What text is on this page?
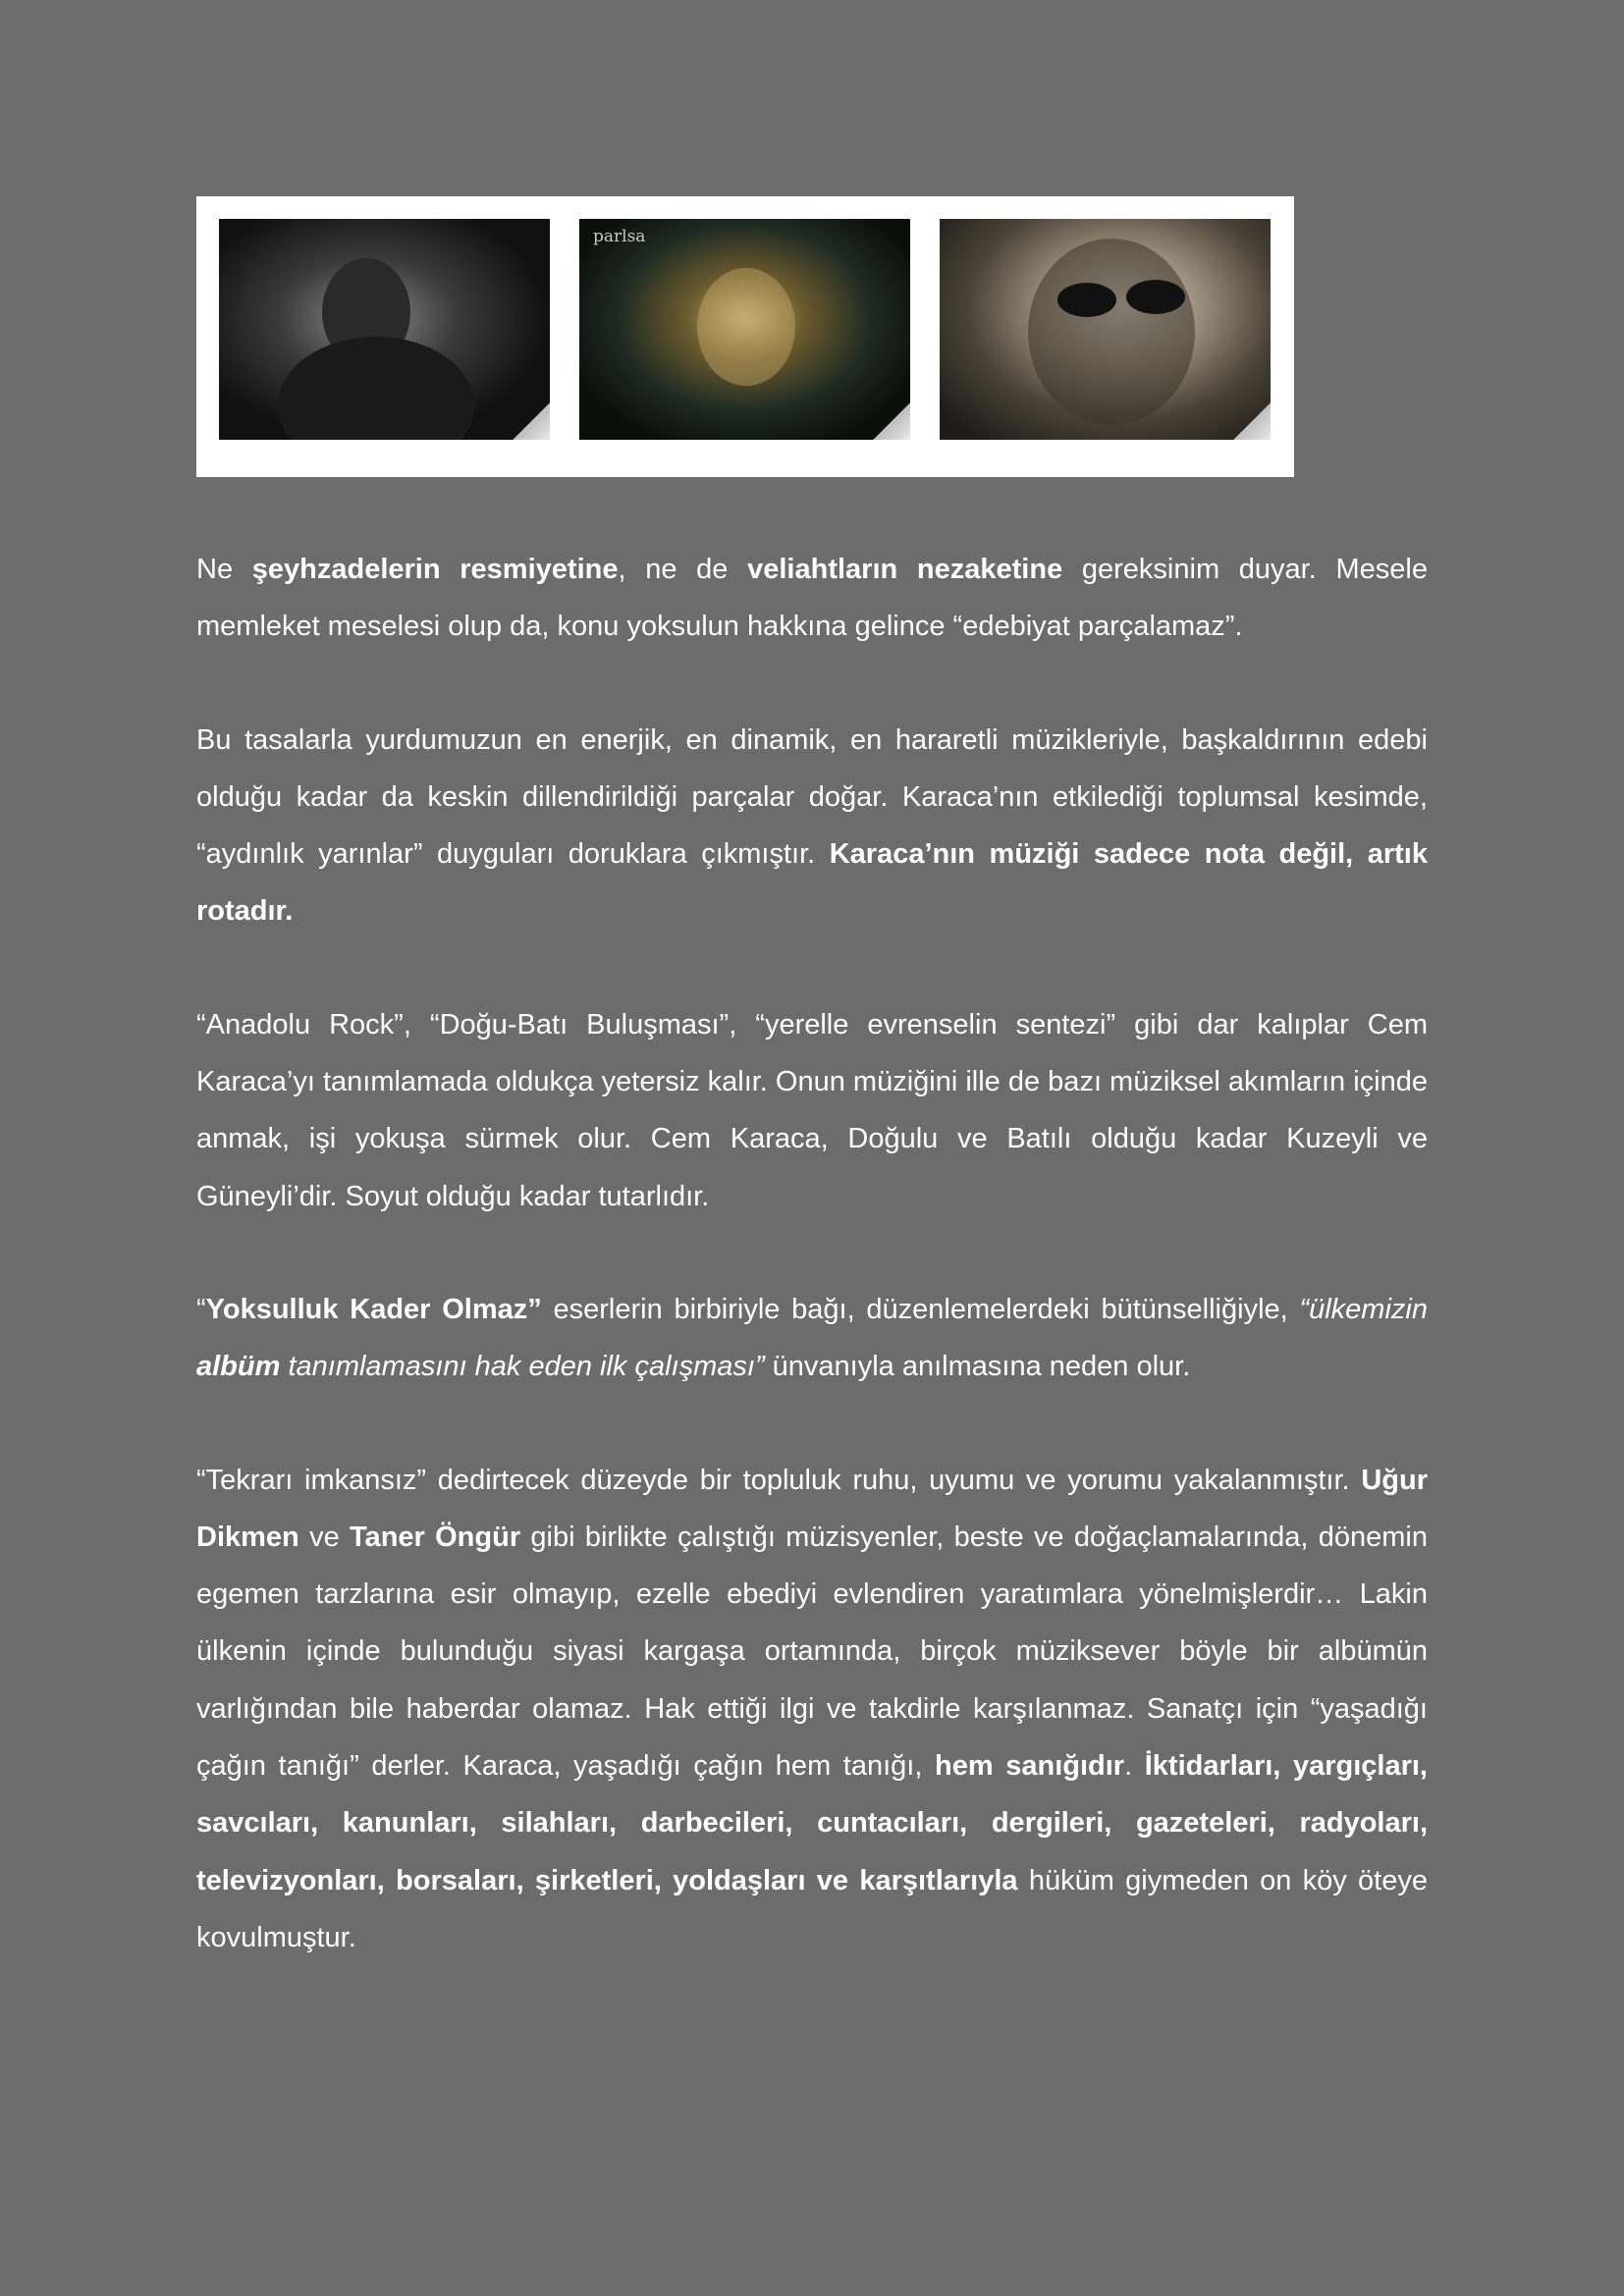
parlsa

Ne şeyhzadelerin resmiyetine, ne de veliahtların nezaketine gereksinim duyar. Mesele memleket meselesi olup da, konu yoksulun hakkına gelince “edebiyat parçalamaz”.

Bu tasalarla yurdumuzun en enerjik, en dinamik, en hararetli müzikleriyle, başkaldırının edebi olduğu kadar da keskin dillendirildiği parçalar doğar. Karaca’nın etkilediği toplumsal kesimde, “aydınlık yarınlar” duyguları doruklara çıkmıştır. Karaca’nın müziği sadece nota değil, artık rotadır.

“Anadolu Rock”, “Doğu-Batı Buluşması”, “yerelle evrenselin sentezi” gibi dar kalıplar Cem Karaca’yı tanımlamada oldukça yetersiz kalır. Onun müziğini ille de bazı müziksel akımların içinde anmak, işi yokuşa sürmek olur. Cem Karaca, Doğulu ve Batılı olduğu kadar Kuzeyli ve Güneyli’dir. Soyut olduğu kadar tutarlıdır.

“Yoksulluk Kader Olmaz” eserlerin birbiriyle bağı, düzenlemelerdeki bütünselliğiyle, “ülkemizin albüm tanımlamasını hak eden ilk çalışması” ünvanıyla anılmasına neden olur.

“Tekrarı imkansız” dedirtecek düzeyde bir topluluk ruhu, uyumu ve yorumu yakalanmıştır. Uğur Dikmen ve Taner Öngür gibi birlikte çalıştığı müzisyenler, beste ve doğaçlamalarında, dönemin egemen tarzlarına esir olmayıp, ezelle ebediyi evlendiren yaratımlara yönelmişlerdir… Lakin ülkenin içinde bulunduğu siyasi kargaşa ortamında, birçok müziksever böyle bir albümün varlığından bile haberdar olamaz. Hak ettiği ilgi ve takdirle karşılanmaz. Sanatçı için “yaşadığı çağın tanığı” derler. Karaca, yaşadığı çağın hem tanığı, hem sanığıdır. İktidarları, yargıçları, savcıları, kanunları, silahları, darbecileri, cuntacıları, dergileri, gazeteleri, radyoları, televizyonları, borsaları, şirketleri, yoldaşları ve karşıtlarıyla hüküm giymeden on köy öteye kovulmuştur.
